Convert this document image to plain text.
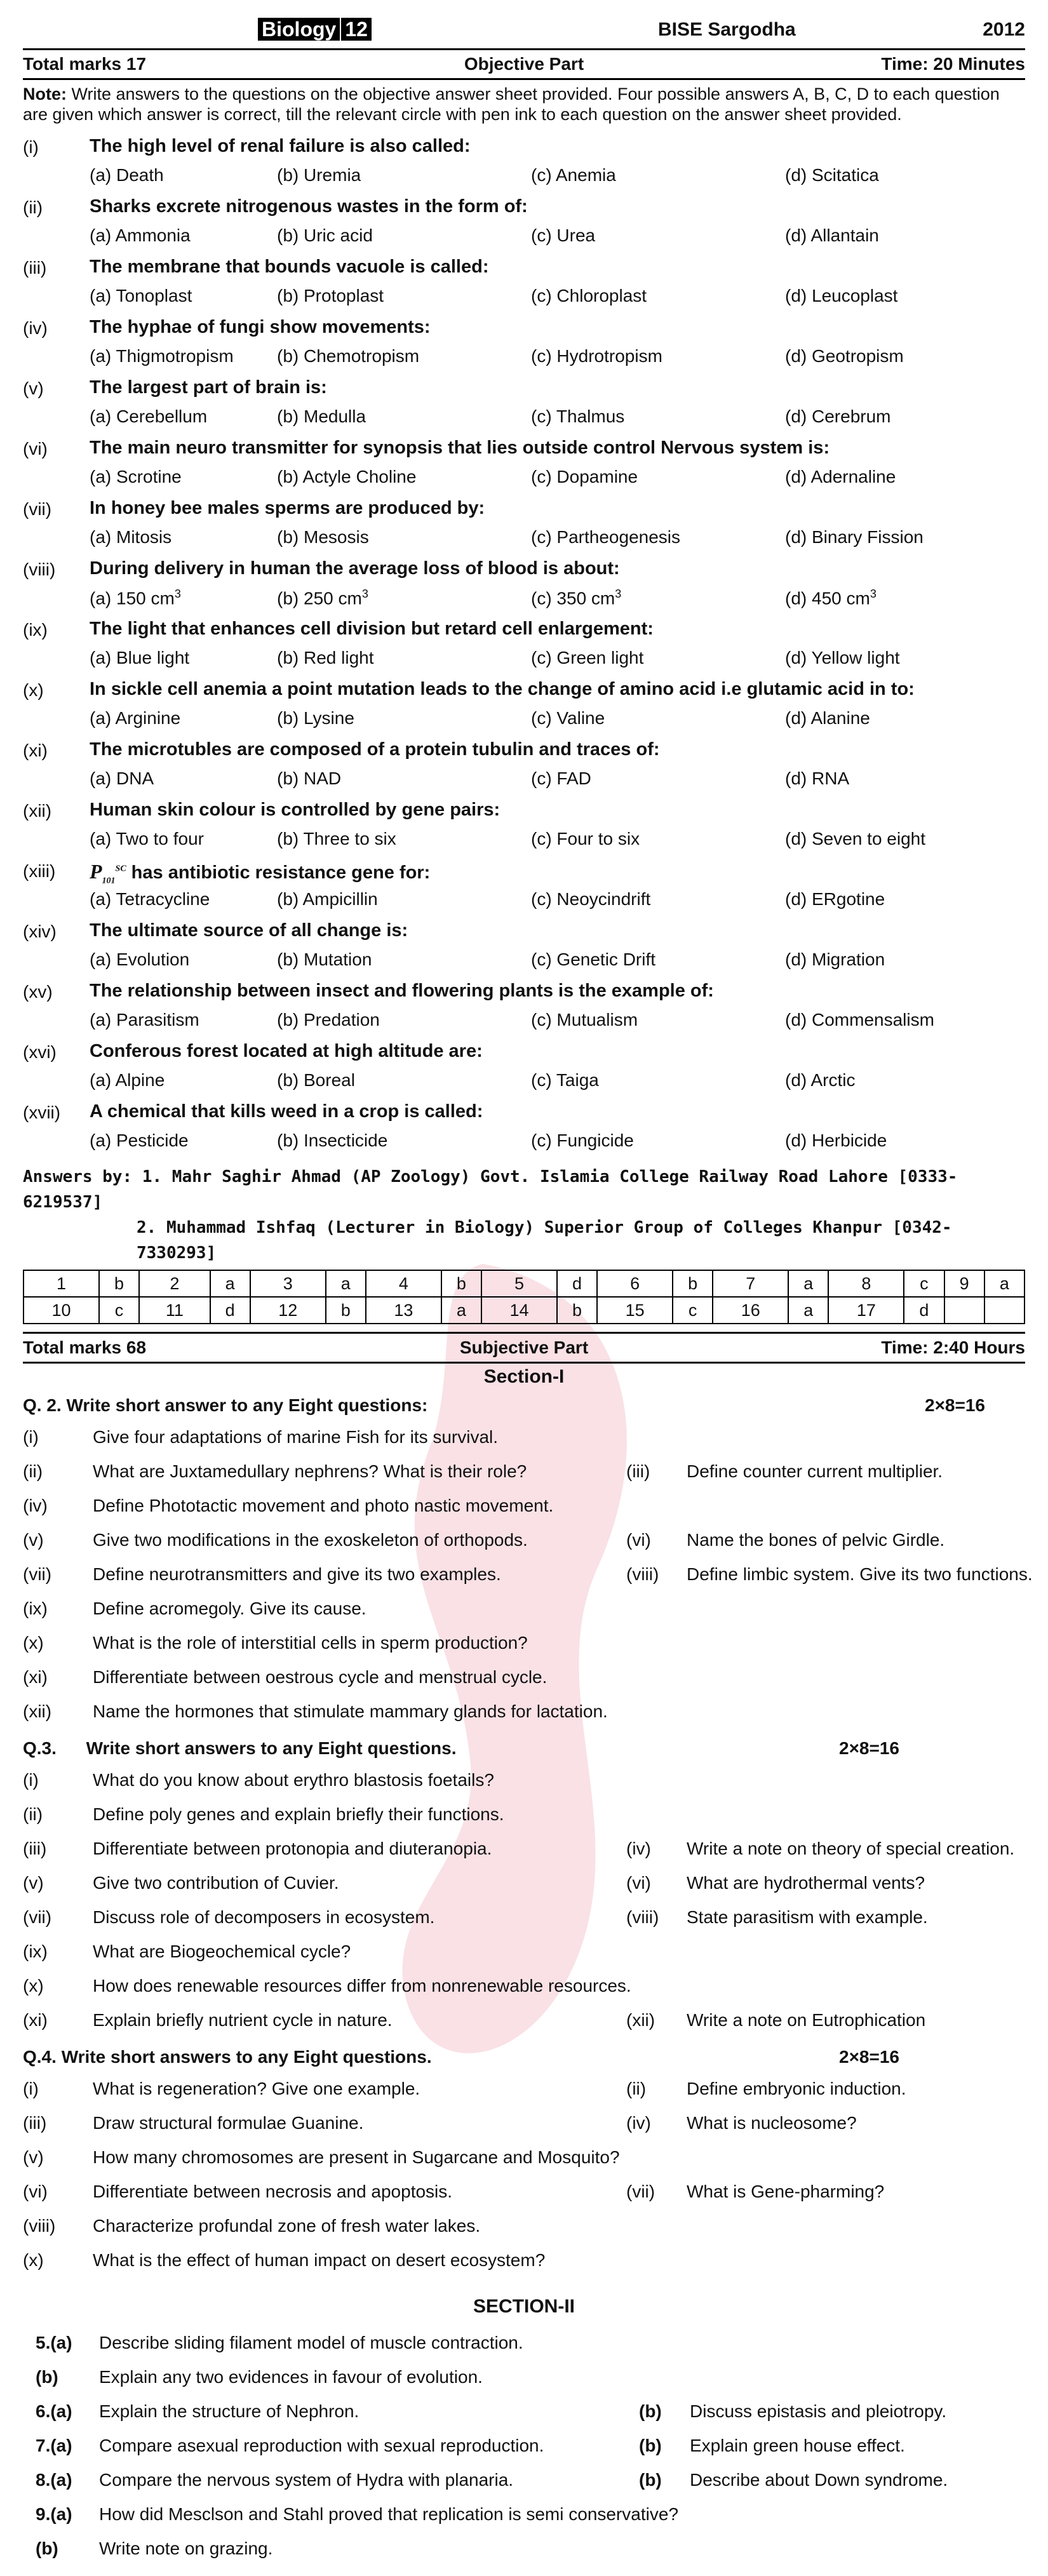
Biology 12	BISE Sargodha	2012
Total marks 17	Objective Part	Time: 20 Minutes
Note: Write answers to the questions on the objective answer sheet provided. Four possible answers A, B, C, D to each question are given which answer is correct, till the relevant circle with pen ink to each question on the answer sheet provided.
(i)	The high level of renal failure is also called:
(a) Death	(b) Uremia	(c) Anemia	(d) Scitatica
(ii)	Sharks excrete nitrogenous wastes in the form of:
(a) Ammonia	(b) Uric acid	(c) Urea	(d) Allantain
(iii) The membrane that bounds vacuole is called:
(a) Tonoplast	(b) Protoplast	(c) Chloroplast	(d) Leucoplast
(iv) The hyphae of fungi show movements:
(a) Thigmotropism (b) Chemotropism	(c) Hydrotropism	(d) Geotropism
(v) The largest part of brain is:
(a) Cerebellum	(b) Medulla	(c) Thalmus	(d) Cerebrum
(vi) The main neuro transmitter for synopsis that lies outside control Nervous system is:
(a) Scrotine	(b) Actyle Choline	(c) Dopamine	(d) Adernaline
(vii) In honey bee males sperms are produced by:
(a) Mitosis	(b) Mesosis	(c) Partheogenesis	(d) Binary Fission
(viii) During delivery in human the average loss of blood is about:
(a) 150 $cm^3$	(b) 250 $cm^3$	(c) 350 $cm^3$	(d) 450 $cm^3$
(ix) The light that enhances cell division but retard cell enlargement:
(a) Blue light	(b) Red light	(c) Green light	(d) Yellow light
(x) In sickle cell anemia a point mutation leads to the change of amino acid i.e glutamic acid in to:
(a) Arginine	(b) Lysine	(c) Valine	(d) Alanine
(xi) The microtubles are composed of a protein tubulin and traces of:
(a) DNA	(b) NAD	(c) FAD	(d) RNA
(xii) Human skin colour is controlled by gene pairs:
(a) Two to four	(b) Three to six	(c) Four to six	(d) Seven to eight
(xiii) $P_{101}^{SC}$ has antibiotic resistance gene for:
(a) Tetracycline	(b) Ampicillin	(c) Neoycindrift	(d) ERgotine
(xiv) The ultimate source of all change is:
(a) Evolution	(b) Mutation	(c) Genetic Drift	(d) Migration
(xv) The relationship between insect and flowering plants is the example of:
(a) Parasitism	(b) Predation	(c) Mutualism	(d) Commensalism
(xvi) Conferous forest located at high altitude are:
(a) Alpine	(b) Boreal	(c) Taiga	(d) Arctic
(xvii) A chemical that kills weed in a crop is called:
(a) Pesticide	(b) Insecticide	(c) Fungicide	(d) Herbicide
Answers by: 1. Mahr Saghir Ahmad (AP Zoology) Govt. Islamia College Railway Road Lahore [0333-6219537]
2. Muhammad Ishfaq (Lecturer in Biology) Superior Group of Colleges Khanpur [0342-7330293]
1	b	2	a	3	a	4	b	5	d	6	b	7	a	8	c	9	a
10	c	11	d	12	b	13	a	14	b	15	c	16	a	17	d		
Total marks 68	Subjective Part	Time: 2:40 Hours
Section-I
Q. 2. Write short answer to any Eight questions:	2×8=16
(i)	Give four adaptations of marine Fish for its survival.
(ii)	What are Juxtamedullary nephrens? What is their role?	(iii) Define counter current multiplier.
(iv)	Define Phototactic movement and photo nastic movement.
(v)	Give two modifications in the exoskeleton of orthopods.	(vi) Name the bones of pelvic Girdle.
(vii) Define neurotransmitters and give its two examples.	(viii) Define limbic system. Give its two functions.
(ix)	Define acromegoly. Give its cause.
(x)	What is the role of interstitial cells in sperm production?
(xi)	Differentiate between oestrous cycle and menstrual cycle.
(xii) Name the hormones that stimulate mammary glands for lactation.
Q.3.      Write short answers to any Eight questions.	2×8=16
(i)	What do you know about erythro blastosis foetails?
(ii)	Define poly genes and explain briefly their functions.
(iii)	Differentiate between protonopia and diuteranopia.	(iv) Write a note on theory of special creation.
(v)	Give two contribution of Cuvier.	(vi) What are hydrothermal vents?
(vii) Discuss role of decomposers in ecosystem.	(viii) State parasitism with example.
(ix)	What are Biogeochemical cycle?
(x)	How does renewable resources differ from nonrenewable resources.
(xi)	Explain briefly nutrient cycle in nature.	(xii) Write a note on Eutrophication
Q.4. Write short answers to any Eight questions.	2×8=16
(i)	What is regeneration? Give one example.	(ii) Define embryonic induction.
(iii)	Draw structural formulae Guanine.	(iv) What is nucleosome?
(v)	How many chromosomes are present in Sugarcane and Mosquito?
(vi)	Differentiate between necrosis and apoptosis.	(vii) What is Gene-pharming?
(viii) Characterize profundal zone of fresh water lakes.
(x)	What is the effect of human impact on desert ecosystem?
SECTION-II
5.(a) Describe sliding filament model of muscle contraction.
(b) Explain any two evidences in favour of evolution.
6.(a) Explain the structure of Nephron.	(b) Discuss epistasis and pleiotropy.
7.(a) Compare asexual reproduction with sexual reproduction.	(b) Explain green house effect.
8.(a) Compare the nervous system of Hydra with planaria.	(b) Describe about Down syndrome.
9.(a) How did Mesclson and Stahl proved that replication is semi conservative?
(b) Write note on grazing.
